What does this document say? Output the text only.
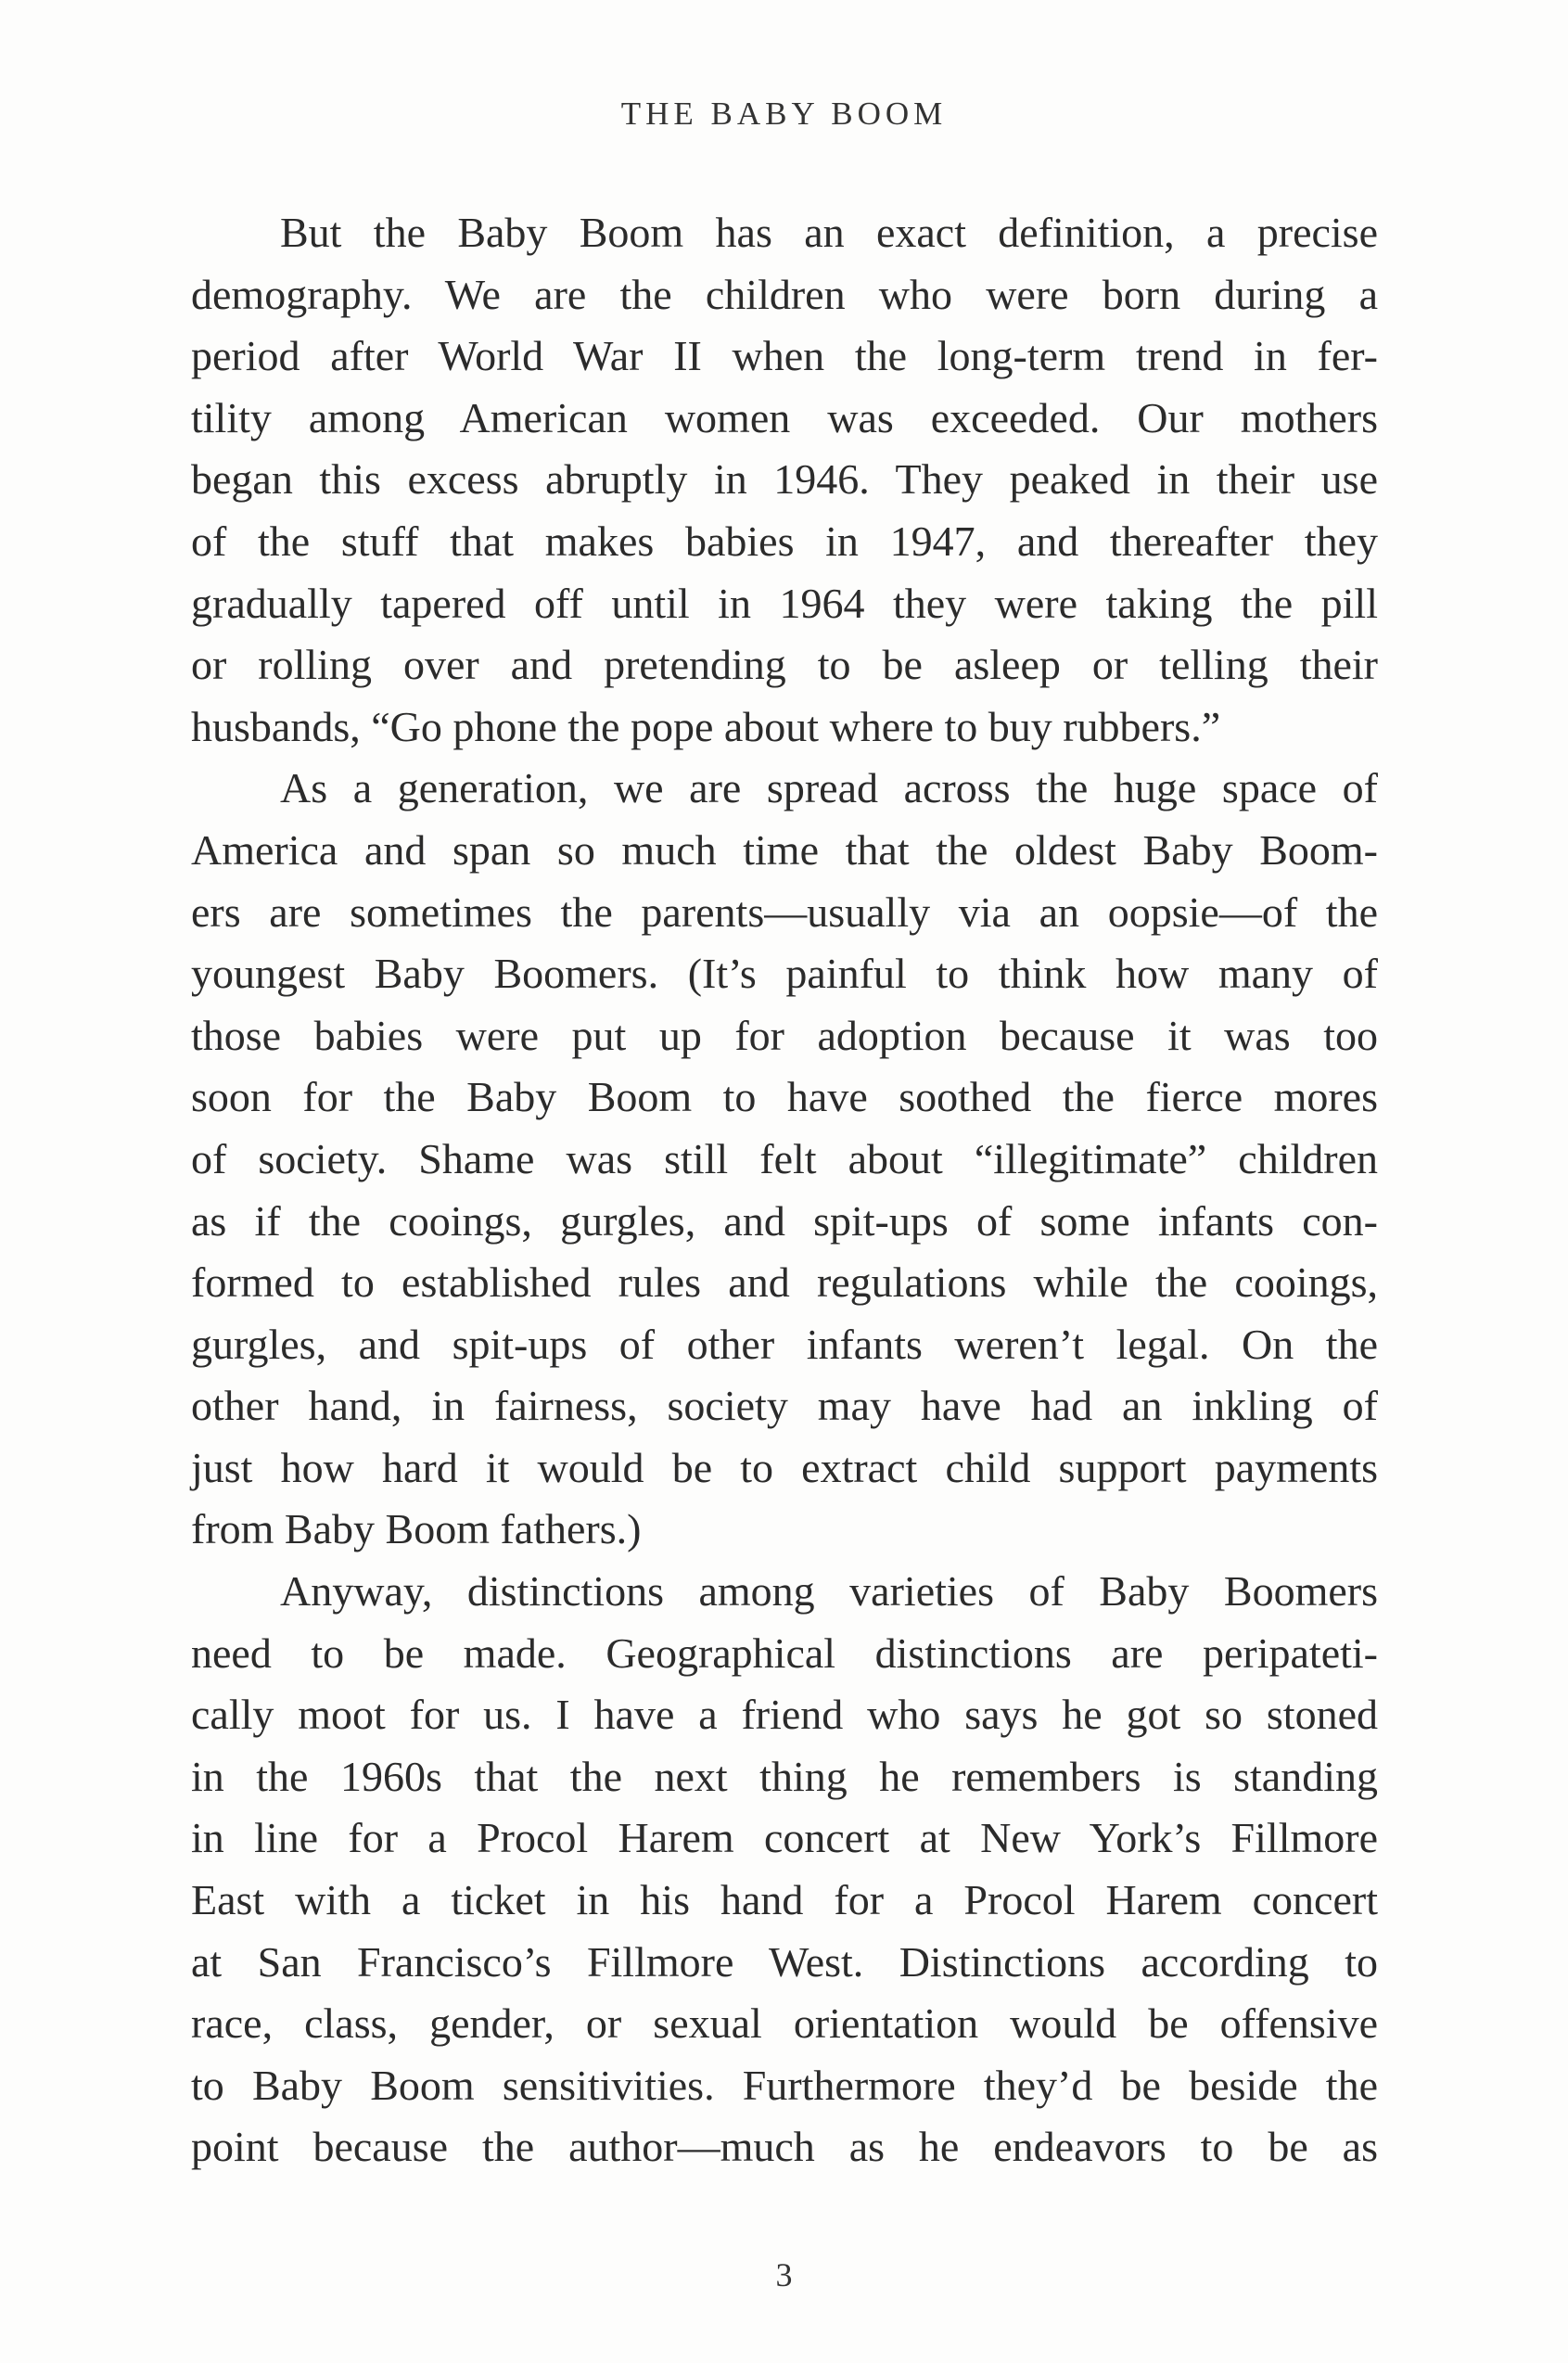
THE BABY BOOM
But the Baby Boom has an exact definition, a precise
demography. We are the children who were born during a
period after World War II when the long-term trend in fer-
tility among American women was exceeded. Our mothers
began this excess abruptly in 1946. They peaked in their use
of the stuff that makes babies in 1947, and thereafter they
gradually tapered off until in 1964 they were taking the pill
or rolling over and pretending to be asleep or telling their
husbands, “Go phone the pope about where to buy rubbers.”
As a generation, we are spread across the huge space of
America and span so much time that the oldest Baby Boom-
ers are sometimes the parents—usually via an oopsie—of the
youngest Baby Boomers. (It’s painful to think how many of
those babies were put up for adoption because it was too
soon for the Baby Boom to have soothed the fierce mores
of society. Shame was still felt about “illegitimate” children
as if the cooings, gurgles, and spit-ups of some infants con-
formed to established rules and regulations while the cooings,
gurgles, and spit-ups of other infants weren’t legal. On the
other hand, in fairness, society may have had an inkling of
just how hard it would be to extract child support payments
from Baby Boom fathers.)
Anyway, distinctions among varieties of Baby Boomers
need to be made. Geographical distinctions are peripateti-
cally moot for us. I have a friend who says he got so stoned
in the 1960s that the next thing he remembers is standing
in line for a Procol Harem concert at New York’s Fillmore
East with a ticket in his hand for a Procol Harem concert
at San Francisco’s Fillmore West. Distinctions according to
race, class, gender, or sexual orientation would be offensive
to Baby Boom sensitivities. Furthermore they’d be beside the
point because the author—much as he endeavors to be as
3
